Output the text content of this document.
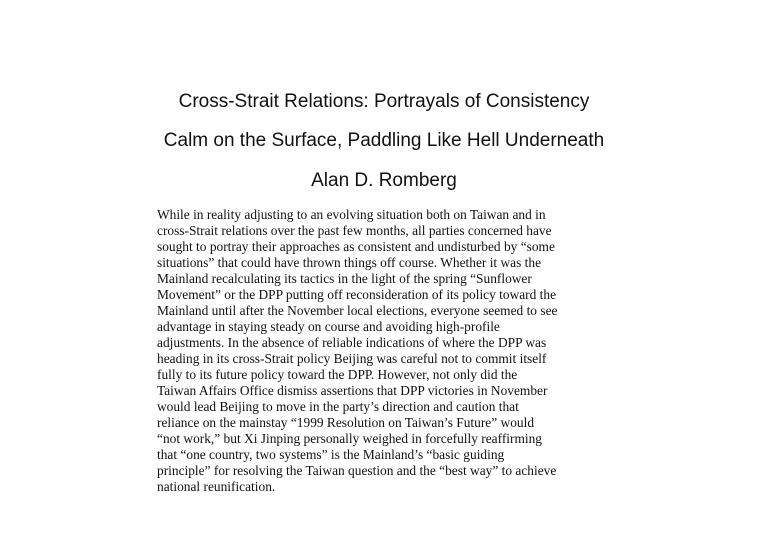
Cross-Strait Relations: Portrayals of Consistency
Calm on the Surface, Paddling Like Hell Underneath
Alan D. Romberg
While in reality adjusting to an evolving situation both on Taiwan and in
cross-Strait relations over the past few months, all parties concerned have
sought to portray their approaches as consistent and undisturbed by “some
situations” that could have thrown things off course. Whether it was the
Mainland recalculating its tactics in the light of the spring “Sunflower
Movement” or the DPP putting off reconsideration of its policy toward the
Mainland until after the November local elections, everyone seemed to see
advantage in staying steady on course and avoiding high-profile
adjustments. In the absence of reliable indications of where the DPP was
heading in its cross-Strait policy Beijing was careful not to commit itself
fully to its future policy toward the DPP. However, not only did the
Taiwan Affairs Office dismiss assertions that DPP victories in November
would lead Beijing to move in the party’s direction and caution that
reliance on the mainstay “1999 Resolution on Taiwan’s Future” would
“not work,” but Xi Jinping personally weighed in forcefully reaffirming
that “one country, two systems” is the Mainland’s “basic guiding
principle” for resolving the Taiwan question and the “best way” to achieve
national reunification.
